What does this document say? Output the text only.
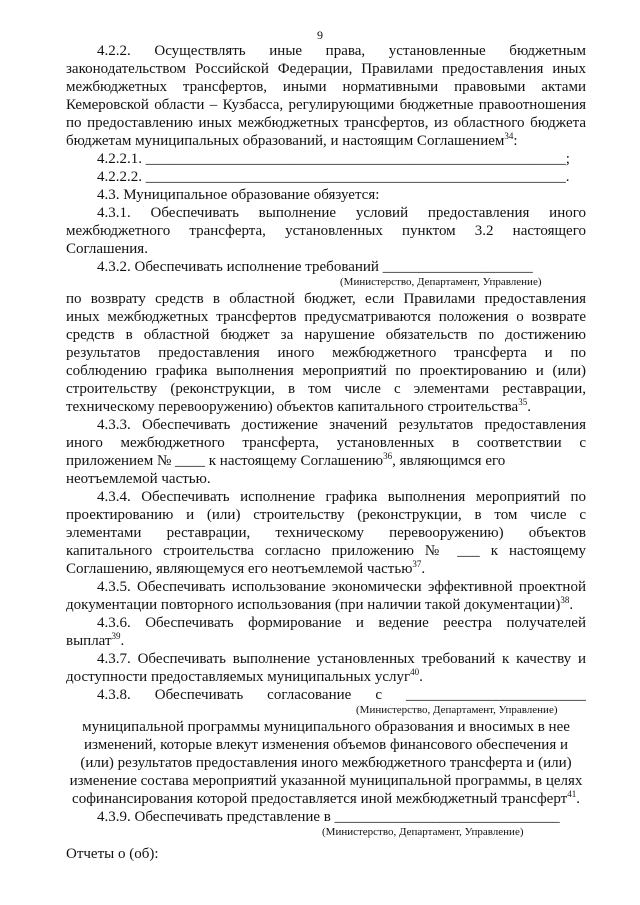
9
4.2.2. Осуществлять иные права, установленные бюджетным
законодательством Российской Федерации, Правилами предоставления иных
межбюджетных трансфертов, иными нормативными правовыми актами
Кемеровской области – Кузбасса, регулирующими бюджетные правоотношения
по предоставлению иных межбюджетных трансфертов, из областного бюджета
бюджетам муниципальных образований, и настоящим Соглашением$^{34}$:
4.2.2.1. ________________________________________________________;
4.2.2.2. ________________________________________________________.
4.3. Муниципальное образование обязуется:
4.3.1. Обеспечивать выполнение условий предоставления иного
межбюджетного трансферта, установленных пунктом 3.2 настоящего
Соглашения.
4.3.2. Обеспечивать исполнение требований ____________________
(Министерство, Департамент, Управление)
по возврату средств в областной бюджет, если Правилами предоставления
иных межбюджетных трансфертов предусматриваются положения о возврате
средств в областной бюджет за нарушение обязательств по достижению
результатов предоставления иного межбюджетного трансферта и по
соблюдению графика выполнения мероприятий по проектированию и (или)
строительству (реконструкции, в том числе с элементами реставрации,
техническому перевооружению) объектов капитального строительства$^{35}$.
4.3.3. Обеспечивать достижение значений результатов предоставления
иного межбюджетного трансферта, установленных в соответствии с
приложением № ____ к настоящему Соглашению$^{36}$, являющимся его
неотъемлемой частью.
4.3.4. Обеспечивать исполнение графика выполнения мероприятий по
проектированию и (или) строительству (реконструкции, в том числе с
элементами реставрации, техническому перевооружению) объектов
капитального строительства согласно приложению № ___ к настоящему
Соглашению, являющемуся его неотъемлемой частью$^{37}$.
4.3.5. Обеспечивать использование экономически эффективной проектной
документации повторного использования (при наличии такой документации)$^{38}$.
4.3.6. Обеспечивать формирование и ведение реестра получателей
выплат$^{39}$.
4.3.7. Обеспечивать выполнение установленных требований к качеству и
доступности предоставляемых муниципальных услуг$^{40}$.
4.3.8. Обеспечивать согласование с ________________________
(Министерство, Департамент, Управление)
муниципальной программы муниципального образования и вносимых в нее
изменений, которые влекут изменения объемов финансового обеспечения и
(или) результатов предоставления иного межбюджетного трансферта и (или)
изменение состава мероприятий указанной муниципальной программы, в целях
софинансирования которой предоставляется иной межбюджетный трансферт$^{41}$.
4.3.9. Обеспечивать представление в ______________________________
(Министерство, Департамент, Управление)
Отчеты о (об):
